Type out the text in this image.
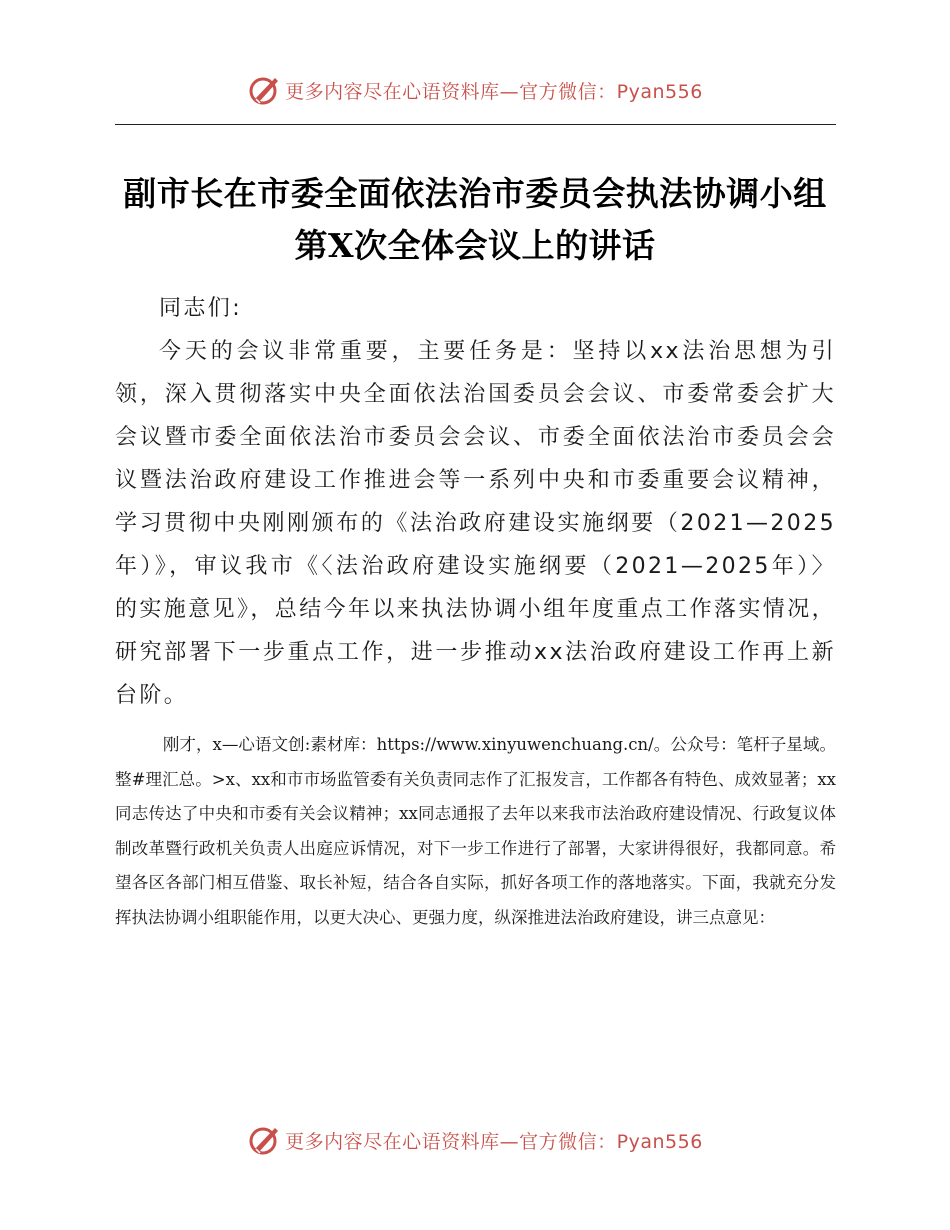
更多内容尽在心语资料库—官方微信：Pyan556
副市长在市委全面依法治市委员会执法协调小组
第X次全体会议上的讲话

同志们:

今天的会议非常重要，主要任务是：坚持以xx法治思想为引领，深入贯彻落实中央全面依法治国委员会会议、市委常委会扩大会议暨市委全面依法治市委员会会议、市委全面依法治市委员会会议暨法治政府建设工作推进会等一系列中央和市委重要会议精神，学习贯彻中央刚刚颁布的《法治政府建设实施纲要（2021—2025年）》，审议我市《〈法治政府建设实施纲要（2021—2025年）〉的实施意见》，总结今年以来执法协调小组年度重点工作落实情况，研究部署下一步重点工作，进一步推动xx法治政府建设工作再上新台阶。

刚才，x—心语文创:素材库：https://www.xinyuwenchuang.cn/。公众号：笔杆子星域。整#理汇总。>x、xx和市市场监管委有关负责同志作了汇报发言，工作都各有特色、成效显著；xx同志传达了中央和市委有关会议精神；xx同志通报了去年以来我市法治政府建设情况、行政复议体制改革暨行政机关负责人出庭应诉情况，对下一步工作进行了部署，大家讲得很好，我都同意。希望各区各部门相互借鉴、取长补短，结合各自实际，抓好各项工作的落地落实。下面，我就充分发挥执法协调小组职能作用，以更大决心、更强力度，纵深推进法治政府建设，讲三点意见：

更多内容尽在心语资料库—官方微信：Pyan556
